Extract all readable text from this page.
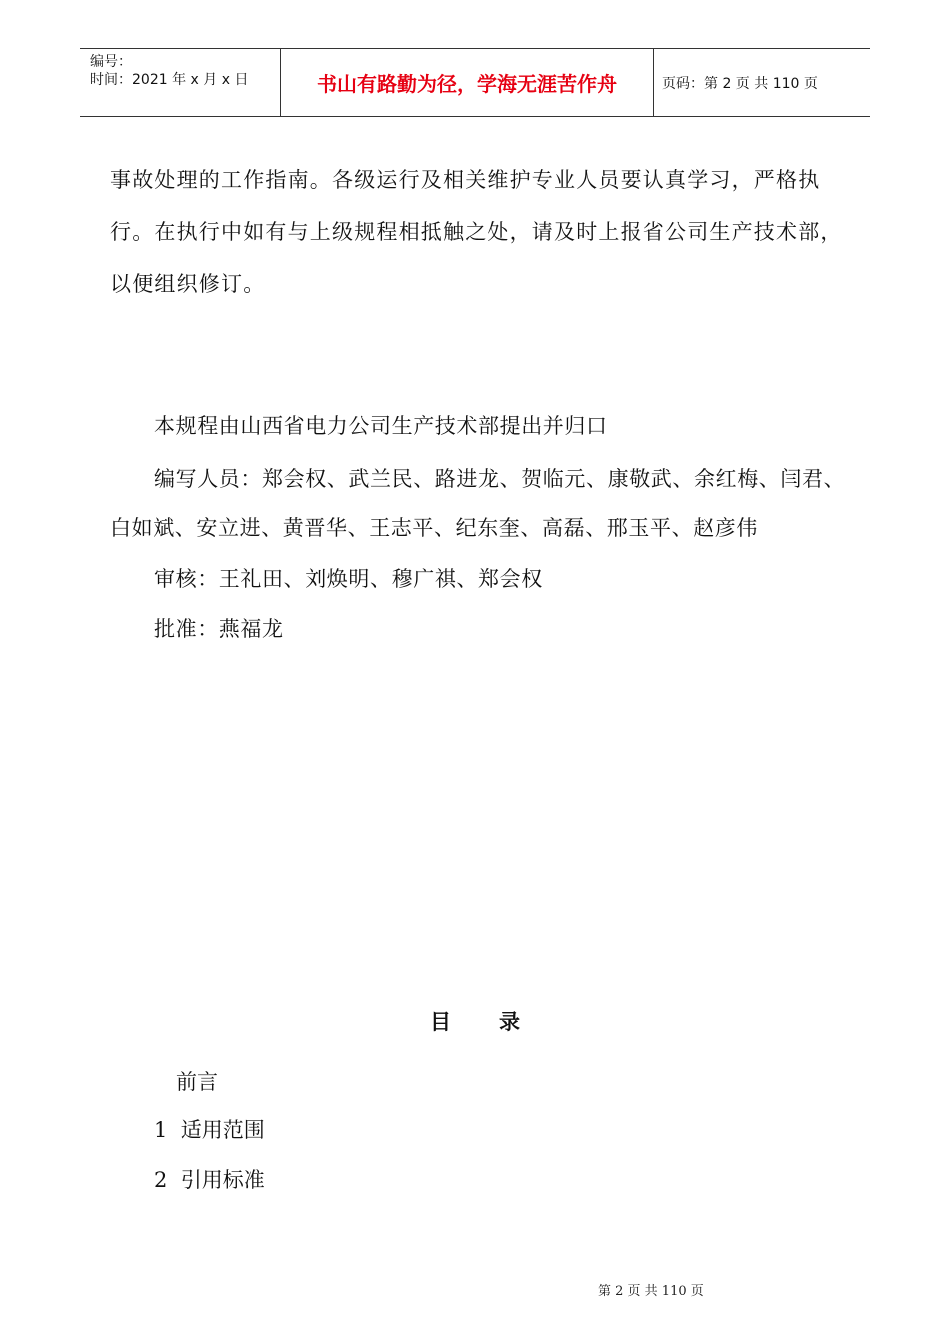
编号：
时间：2021 年 x 月 x 日	书山有路勤为径，学海无涯苦作舟	页码：第 2 页 共 110 页

事故处理的工作指南。各级运行及相关维护专业人员要认真学习，严格执行。在执行中如有与上级规程相抵触之处，请及时上报省公司生产技术部，以便组织修订。

本规程由山西省电力公司生产技术部提出并归口

编写人员：郑会权、武兰民、路进龙、贺临元、康敬武、余红梅、闫君、白如斌、安立进、黄晋华、王志平、纪东奎、高磊、邢玉平、赵彦伟

审核：王礼田、刘焕明、穆广祺、郑会权

批准：燕福龙

目录
前言
1  适用范围
2  引用标准
第 2 页 共 110 页
